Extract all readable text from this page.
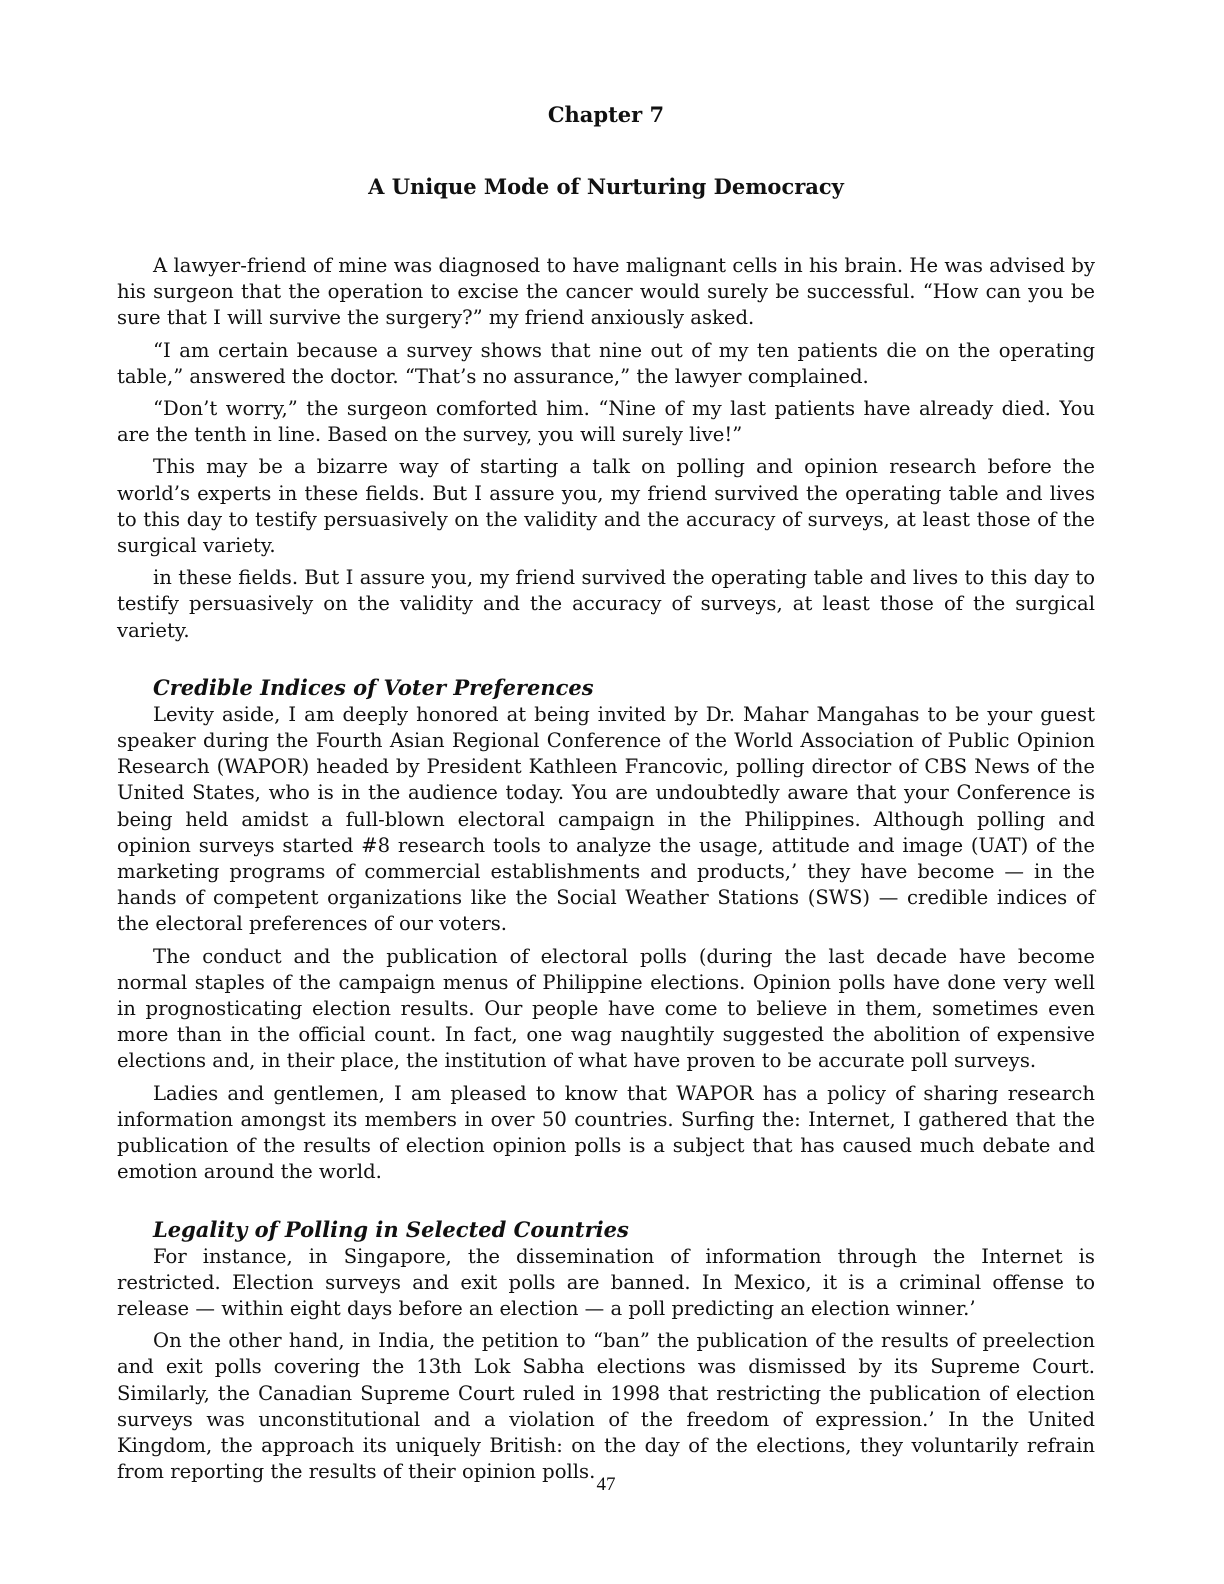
Chapter 7
A Unique Mode of Nurturing Democracy

A lawyer-friend of mine was diagnosed to have malignant cells in his brain. He was advised by his surgeon that the operation to excise the cancer would surely be successful. “How can you be sure that I will survive the surgery?” my friend anxiously asked.

“I am certain because a survey shows that nine out of my ten patients die on the operating table,” answered the doctor. “That’s no assurance,” the lawyer complained.

“Don’t worry,” the surgeon comforted him. “Nine of my last patients have already died. You are the tenth in line. Based on the survey, you will surely live!”

This may be a bizarre way of starting a talk on polling and opinion research before the world’s experts in these fields. But I assure you, my friend survived the operating table and lives to this day to testify persuasively on the validity and the accuracy of surveys, at least those of the surgical variety.

in these fields. But I assure you, my friend survived the operating table and lives to this day to testify persuasively on the validity and the accuracy of surveys, at least those of the surgical variety.

Credible Indices of Voter Preferences

Levity aside, I am deeply honored at being invited by Dr. Mahar Mangahas to be your guest speaker during the Fourth Asian Regional Conference of the World Association of Public Opinion Research (WAPOR) headed by President Kathleen Francovic, polling director of CBS News of the United States, who is in the audience today. You are undoubtedly aware that your Conference is being held amidst a full-blown electoral campaign in the Philippines. Although polling and opinion surveys started #8 research tools to analyze the usage, attitude and image (UAT) of the marketing programs of commercial establishments and products,’ they have become — in the hands of competent organizations like the Social Weather Stations (SWS) — credible indices of the electoral preferences of our voters.

The conduct and the publication of electoral polls (during the last decade have become normal staples of the campaign menus of Philippine elections. Opinion polls have done very well in prognosticating election results. Our people have come to believe in them, sometimes even more than in the official count. In fact, one wag naughtily suggested the abolition of expensive elections and, in their place, the institution of what have proven to be accurate poll surveys.

Ladies and gentlemen, I am pleased to know that WAPOR has a policy of sharing research information amongst its members in over 50 countries. Surfing the: Internet, I gathered that the publication of the results of election opinion polls is a subject that has caused much debate and emotion around the world.

Legality of Polling in Selected Countries

For instance, in Singapore, the dissemination of information through the Internet is restricted. Election surveys and exit polls are banned. In Mexico, it is a criminal offense to release — within eight days before an election — a poll predicting an election winner.’

On the other hand, in India, the petition to “ban” the publication of the results of preelection and exit polls covering the 13th Lok Sabha elections was dismissed by its Supreme Court. Similarly, the Canadian Supreme Court ruled in 1998 that restricting the publication of election surveys was unconstitutional and a violation of the freedom of expression.’ In the United Kingdom, the approach its uniquely British: on the day of the elections, they voluntarily refrain from reporting the results of their opinion polls.

47
